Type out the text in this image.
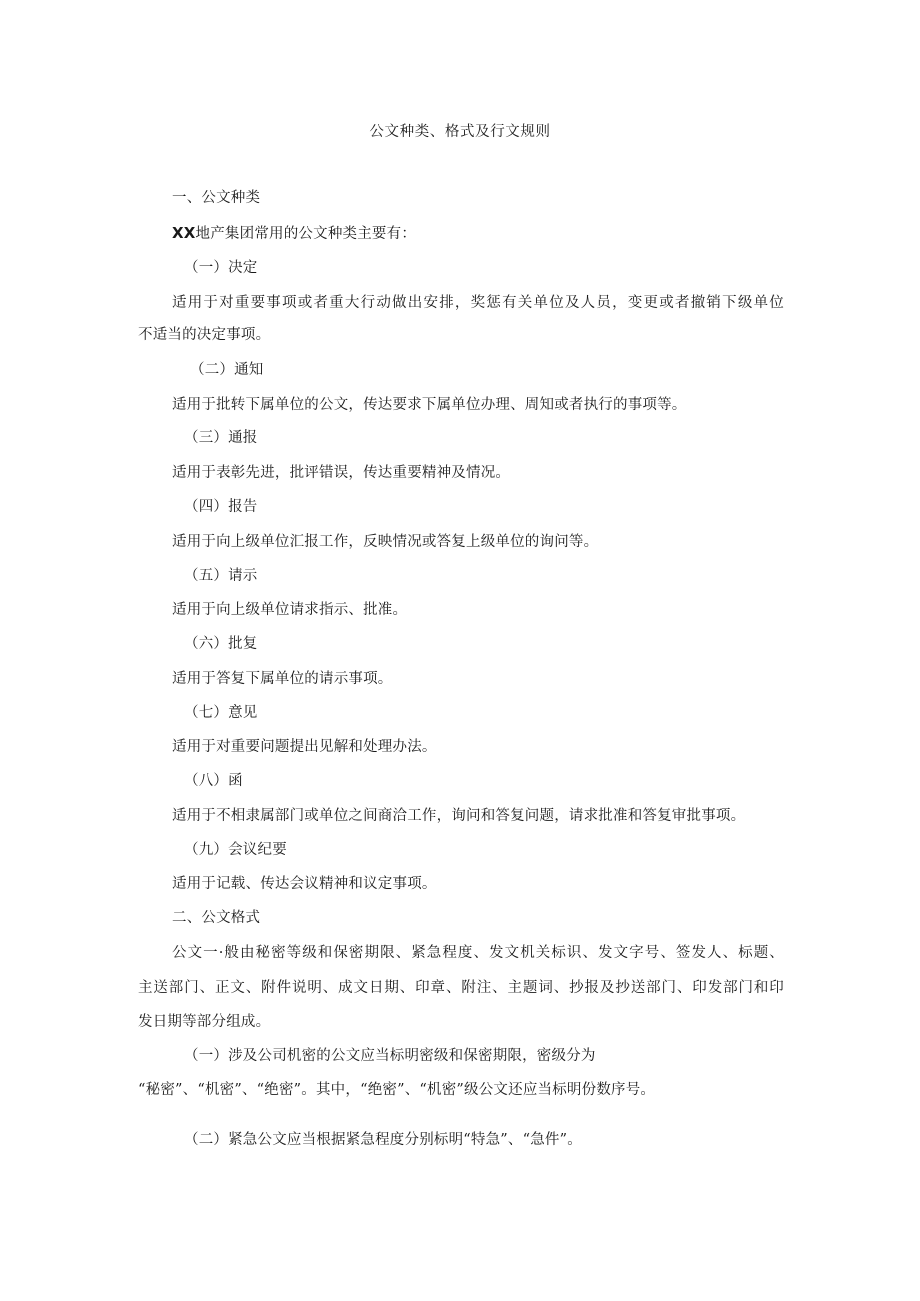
公文种类、格式及行文规则
一、公文种类
XX地产集团常用的公文种类主要有：
（一）决定
适用于对重要事项或者重大行动做出安排，奖惩有关单位及人员，变更或者撤销下级单位
不适当的决定事项。
（二）通知
适用于批转下属单位的公文，传达要求下属单位办理、周知或者执行的事项等。
（三）通报
适用于表彰先进，批评错误，传达重要精神及情况。
（四）报告
适用于向上级单位汇报工作，反映情况或答复上级单位的询问等。
（五）请示
适用于向上级单位请求指示、批准。
（六）批复
适用于答复下属单位的请示事项。
（七）意见
适用于对重要问题提出见解和处理办法。
（八）函
适用于不相隶属部门或单位之间商洽工作，询问和答复问题，请求批准和答复审批事项。
（九）会议纪要
适用于记载、传达会议精神和议定事项。
二、公文格式
公文一·般由秘密等级和保密期限、紧急程度、发文机关标识、发文字号、签发人、标题、
主送部门、正文、附件说明、成文日期、印章、附注、主题词、抄报及抄送部门、印发部门和印
发日期等部分组成。
（一）涉及公司机密的公文应当标明密级和保密期限，密级分为
“秘密”、“机密”、“绝密”。其中，“绝密”、“机密”级公文还应当标明份数序号。
（二）紧急公文应当根据紧急程度分别标明“特急”、“急件”。
